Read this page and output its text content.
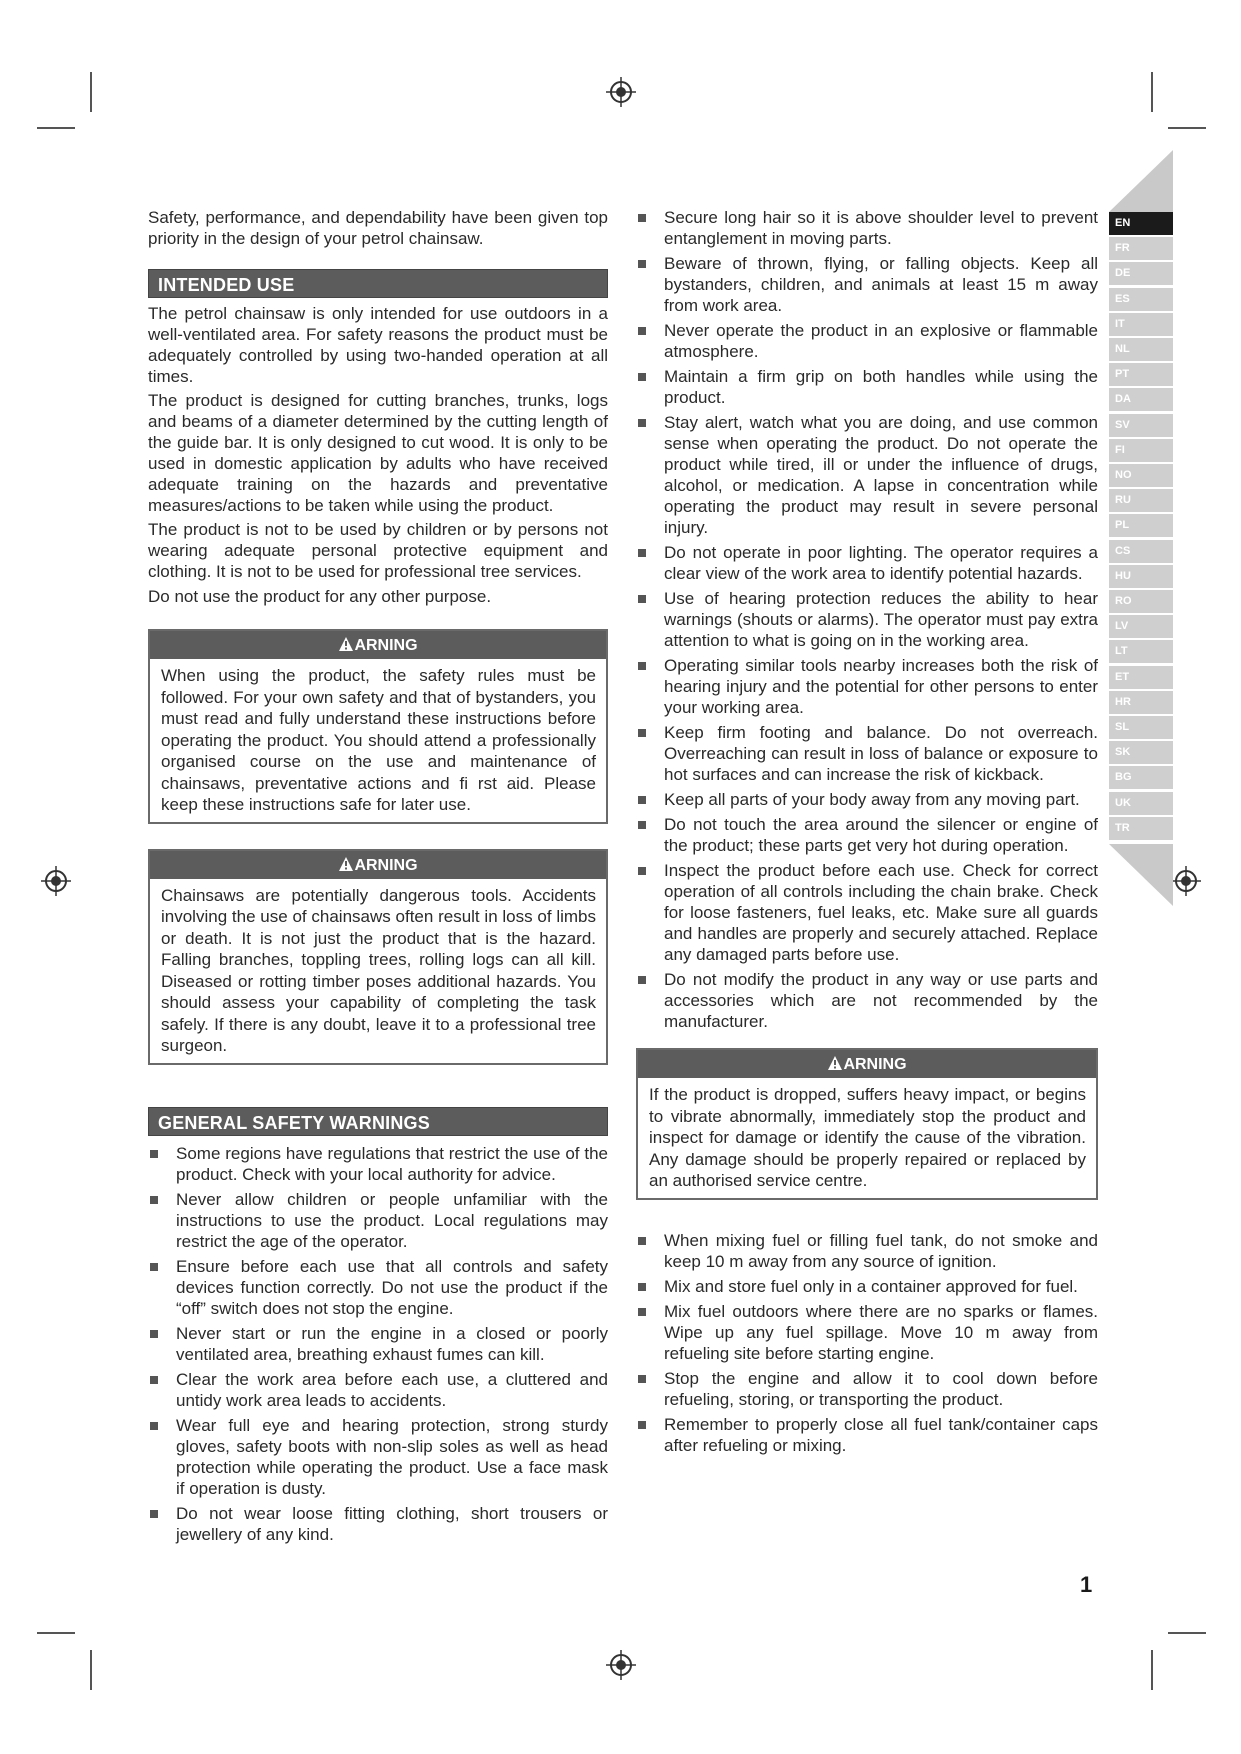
EN
FR
DE
ES
IT
NL
PT
DA
SV
FI
NO
RU
PL
CS
HU
RO
LV
LT
ET
HR
SL
SK
BG
UK
TR

Safety, performance, and dependability have been given top priority in the design of your petrol chainsaw.

INTENDED USE

The petrol chainsaw is only intended for use outdoors in a well-ventilated area. For safety reasons the product must be adequately controlled by using two-handed operation at all times.

The product is designed for cutting branches, trunks, logs and beams of a diameter determined by the cutting length of the guide bar. It is only designed to cut wood. It is only to be used in domestic application by adults who have received adequate training on the hazards and preventative measures/actions to be taken while using the product.

The product is not to be used by children or by persons not wearing adequate personal protective equipment and clothing. It is not to be used for professional tree services.

Do not use the product for any other purpose.

ARNING

When using the product, the safety rules must be followed. For your own safety and that of bystanders, you must read and fully understand these instructions before operating the product. You should attend a professionally organised course on the use and maintenance of chainsaws, preventative actions and fi rst aid. Please keep these instructions safe for later use.

ARNING

Chainsaws are potentially dangerous tools. Accidents involving the use of chainsaws often result in loss of limbs or death. It is not just the product that is the hazard. Falling branches, toppling trees, rolling logs can all kill. Diseased or rotting timber poses additional hazards. You should assess your capability of completing the task safely. If there is any doubt, leave it to a professional tree surgeon.

GENERAL SAFETY WARNINGS

Some regions have regulations that restrict the use of the product. Check with your local authority for advice.

Never allow children or people unfamiliar with the instructions to use the product. Local regulations may restrict the age of the operator.

Ensure before each use that all controls and safety devices function correctly. Do not use the product if the “off” switch does not stop the engine.

Never start or run the engine in a closed or poorly ventilated area, breathing exhaust fumes can kill.

Clear the work area before each use, a cluttered and untidy work area leads to accidents.

Wear full eye and hearing protection, strong sturdy gloves, safety boots with non-slip soles as well as head protection while operating the product. Use a face mask if operation is dusty.

Do not wear loose fitting clothing, short trousers or jewellery of any kind.

Secure long hair so it is above shoulder level to prevent entanglement in moving parts.

Beware of thrown, flying, or falling objects. Keep all bystanders, children, and animals at least 15 m away from work area.

Never operate the product in an explosive or flammable atmosphere.

Maintain a firm grip on both handles while using the product.

Stay alert, watch what you are doing, and use common sense when operating the product. Do not operate the product while tired, ill or under the influence of drugs, alcohol, or medication. A lapse in concentration while operating the product may result in severe personal injury.

Do not operate in poor lighting. The operator requires a clear view of the work area to identify potential hazards.

Use of hearing protection reduces the ability to hear warnings (shouts or alarms). The operator must pay extra attention to what is going on in the working area.

Operating similar tools nearby increases both the risk of hearing injury and the potential for other persons to enter your working area.

Keep firm footing and balance. Do not overreach. Overreaching can result in loss of balance or exposure to hot surfaces and can increase the risk of kickback.

Keep all parts of your body away from any moving part.

Do not touch the area around the silencer or engine of the product; these parts get very hot during operation.

Inspect the product before each use. Check for correct operation of all controls including the chain brake. Check for loose fasteners, fuel leaks, etc. Make sure all guards and handles are properly and securely attached. Replace any damaged parts before use.

Do not modify the product in any way or use parts and accessories which are not recommended by the manufacturer.

ARNING

If the product is dropped, suffers heavy impact, or begins to vibrate abnormally, immediately stop the product and inspect for damage or identify the cause of the vibration. Any damage should be properly repaired or replaced by an authorised service centre.

When mixing fuel or filling fuel tank, do not smoke and keep 10 m away from any source of ignition.

Mix and store fuel only in a container approved for fuel.

Mix fuel outdoors where there are no sparks or flames. Wipe up any fuel spillage. Move 10 m away from refueling site before starting engine.

Stop the engine and allow it to cool down before refueling, storing, or transporting the product.

Remember to properly close all fuel tank/container caps after refueling or mixing.

1
